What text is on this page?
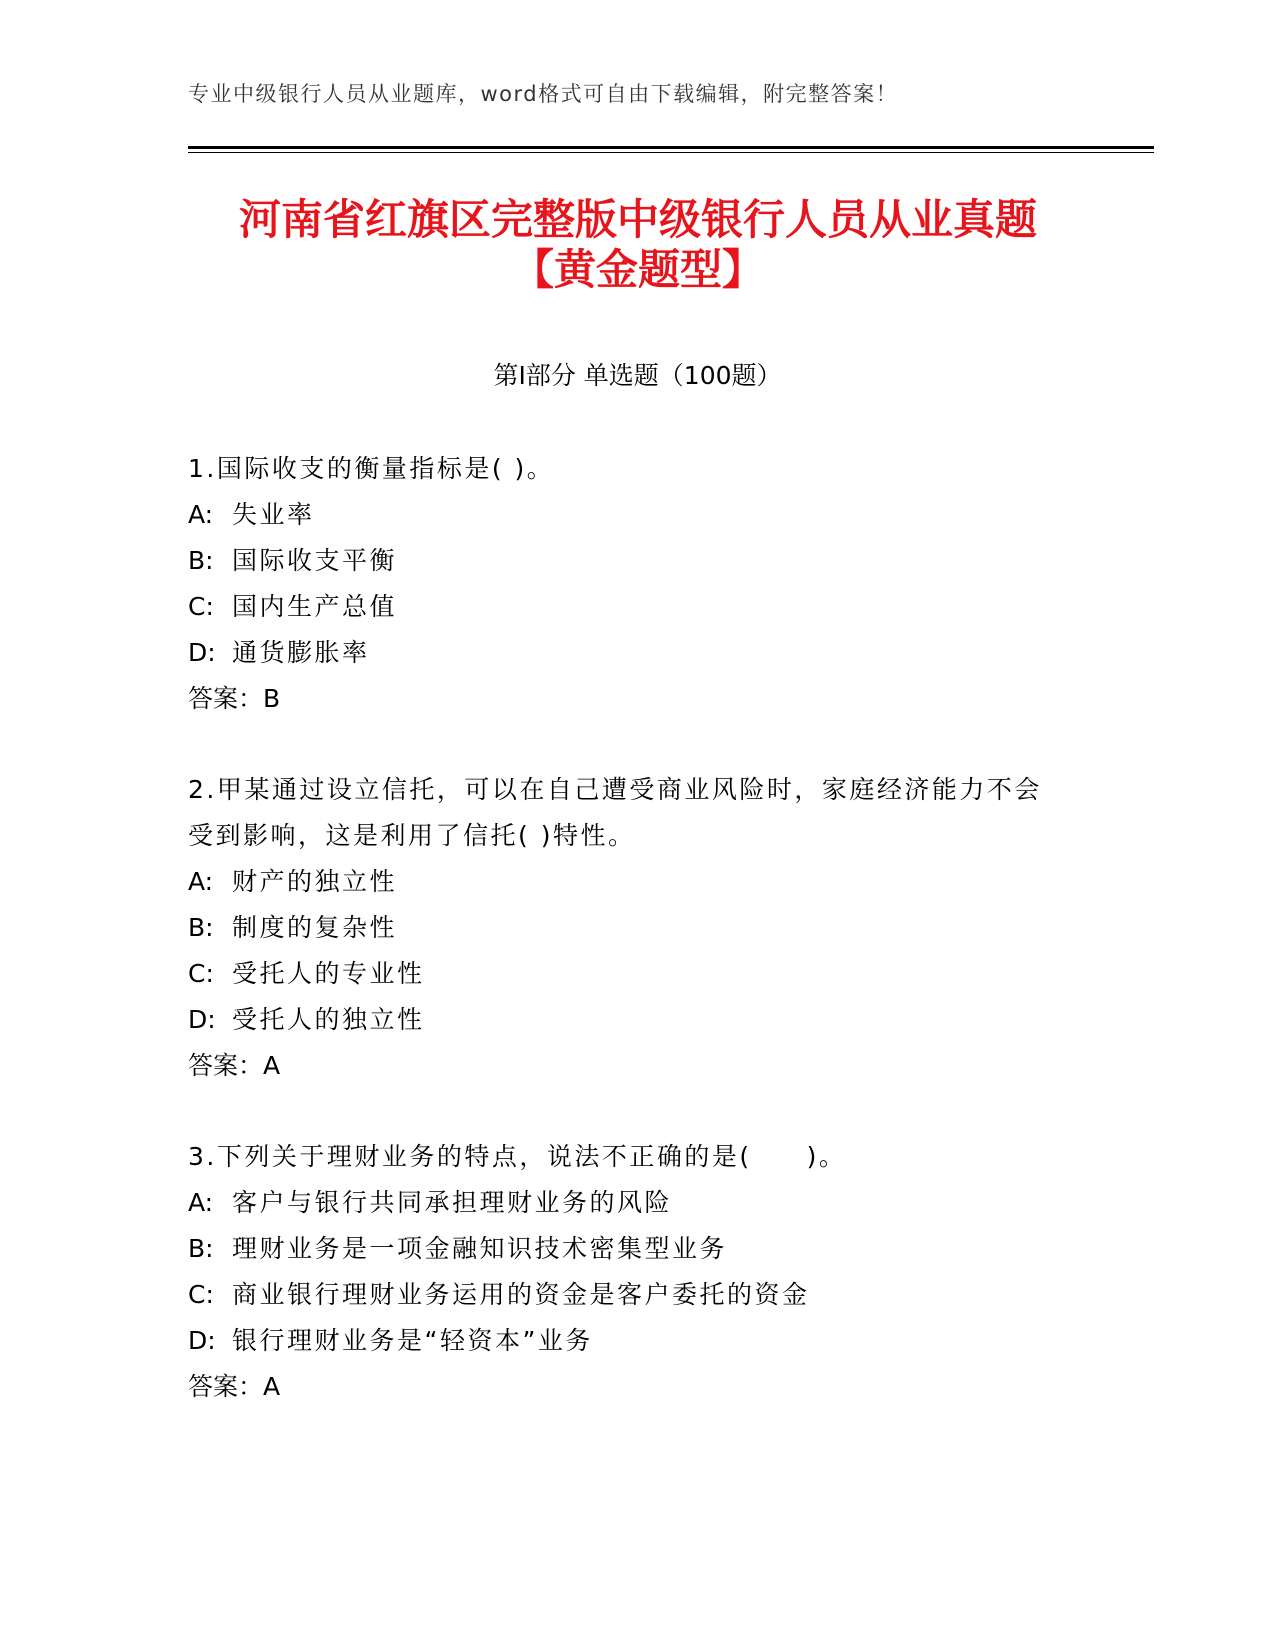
专业中级银行人员从业题库，word格式可自由下载编辑，附完整答案！
河南省红旗区完整版中级银行人员从业真题
【黄金题型】
第Ⅰ部分 单选题（100题）
1.国际收支的衡量指标是( )。
A: 失业率
B: 国际收支平衡
C: 国内生产总值
D: 通货膨胀率
答案：B
2.甲某通过设立信托，可以在自己遭受商业风险时，家庭经济能力不会受到影响，这是利用了信托( )特性。
A: 财产的独立性
B: 制度的复杂性
C: 受托人的专业性
D: 受托人的独立性
答案：A
3.下列关于理财业务的特点，说法不正确的是(　　)。
A: 客户与银行共同承担理财业务的风险
B: 理财业务是一项金融知识技术密集型业务
C: 商业银行理财业务运用的资金是客户委托的资金
D: 银行理财业务是“轻资本”业务
答案：A
